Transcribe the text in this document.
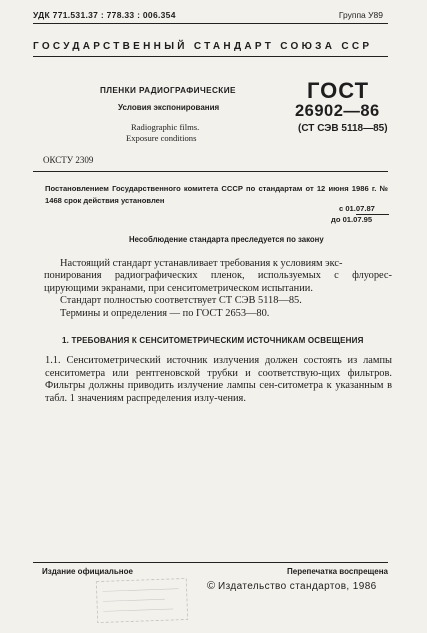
УДК 771.531.37 : 778.33 : 006.354	Группа У89
ГОСУДАРСТВЕННЫЙ СТАНДАРТ СОЮЗА ССР
ПЛЕНКИ РАДИОГРАФИЧЕСКИЕ
Условия экспонирования
Radiographic films.
Exposure conditions
ГОСТ
26902—86
(СТ СЭВ 5118—85)
ОКСТУ 2309
Постановлением Государственного комитета СССР по стандартам от 12 июня 1986 г. № 1468 срок действия установлен
с 01.07.87
до 01.07.95
Несоблюдение стандарта преследуется по закону

Настоящий стандарт устанавливает требования к условиям экс-

понирования радиографических пленок, используемых с флуорес-цирующими экранами, при сенситометрическом испытании.

Стандарт полностью соответствует СТ СЭВ 5118—85.

Термины и определения — по ГОСТ 2653—80.

1. ТРЕБОВАНИЯ К СЕНСИТОМЕТРИЧЕСКИМ ИСТОЧНИКАМ ОСВЕЩЕНИЯ
1.1. Сенситометрический источник излучения должен состоять из лампы сенситометра или рентгеновской трубки и соответствую-щих фильтров. Фильтры должны приводить излучение лампы сен-ситометра к указанным в табл. 1 значениям распределения излу-чения.
Издание официальное	Перепечатка воспрещена
© Издательство стандартов, 1986
